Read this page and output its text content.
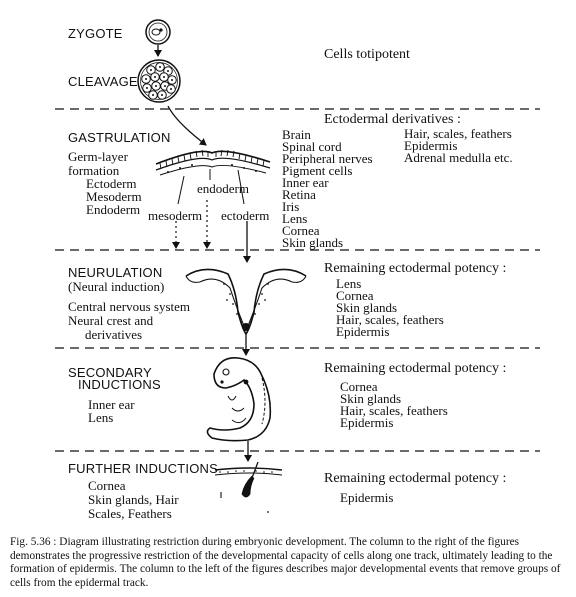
ZYGOTE
CLEAVAGE
GASTRULATION
Germ-layer
formation
Ectoderm
Mesoderm
Endoderm
NEURULATION
(Neural induction)
Central nervous system
Neural crest and
derivatives
SECONDARY
INDUCTIONS
Inner ear
Lens
FURTHER INDUCTIONS
Cornea
Skin glands, Hair
Scales, Feathers
endoderm
mesoderm ectoderm
Cells totipotent
Ectodermal derivatives :
Brain
Spinal cord
Peripheral nerves
Pigment cells
Inner ear
Retina
Iris
Lens
Cornea
Skin glands
Hair, scales, feathers
Epidermis
Adrenal medulla etc.
Remaining ectodermal potency :
Lens
Cornea
Skin glands
Hair, scales, feathers
Epidermis
Remaining ectodermal potency :
Cornea
Skin glands
Hair, scales, feathers
Epidermis
Remaining ectodermal potency :
Epidermis
Fig. 5.36 : Diagram illustrating restriction during embryonic development. The column to the right of the figures demonstrates the progressive restriction of the developmental capacity of cells along one track, ultimately leading to the formation of epidermis. The column to the left of the figures describes major developmental events that remove groups of cells from the epidermal track.
